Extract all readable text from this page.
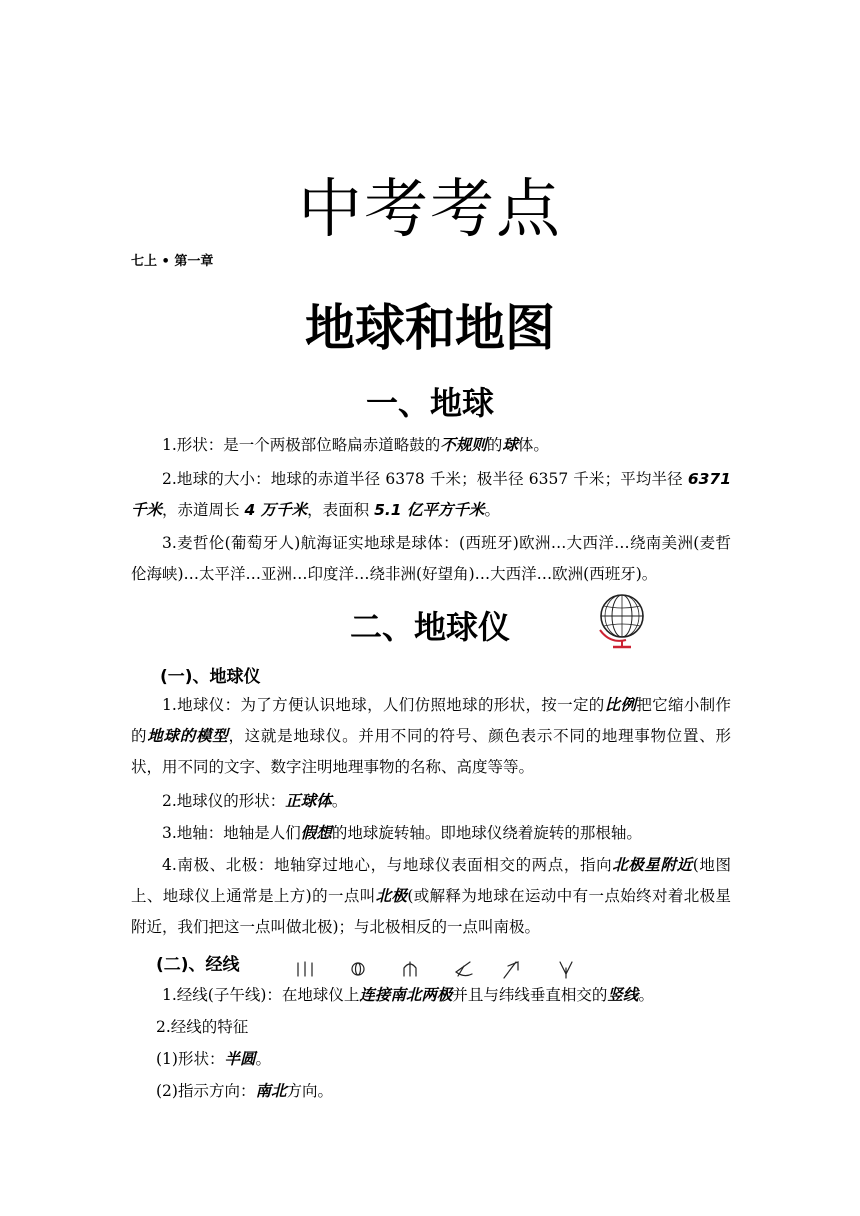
中考考点
七上 • 第一章
地球和地图
一、地球
1.形状：是一个两极部位略扁赤道略鼓的不规则的球体。
2.地球的大小：地球的赤道半径 6378 千米；极半径 6357 千米；平均半径 6371 千米，赤道周长 4 万千米，表面积 5.1 亿平方千米。
3.麦哲伦(葡萄牙人)航海证实地球是球体：(西班牙)欧洲…大西洋…绕南美洲(麦哲伦海峡)…太平洋…亚洲…印度洋…绕非洲(好望角)…大西洋…欧洲(西班牙)。
二、地球仪
(一)、地球仪
1.地球仪：为了方便认识地球，人们仿照地球的形状，按一定的比例把它缩小制作的地球的模型，这就是地球仪。并用不同的符号、颜色表示不同的地理事物位置、形状，用不同的文字、数字注明地理事物的名称、高度等等。
2.地球仪的形状：正球体。
3.地轴：地轴是人们假想的地球旋转轴。即地球仪绕着旋转的那根轴。
4.南极、北极：地轴穿过地心，与地球仪表面相交的两点，指向北极星附近(地图上、地球仪上通常是上方)的一点叫北极(或解释为地球在运动中有一点始终对着北极星附近，我们把这一点叫做北极)；与北极相反的一点叫南极。
(二)、经线
1.经线(子午线)：在地球仪上连接南北两极并且与纬线垂直相交的竖线。
2.经线的特征
(1)形状：半圆。
(2)指示方向：南北方向。
